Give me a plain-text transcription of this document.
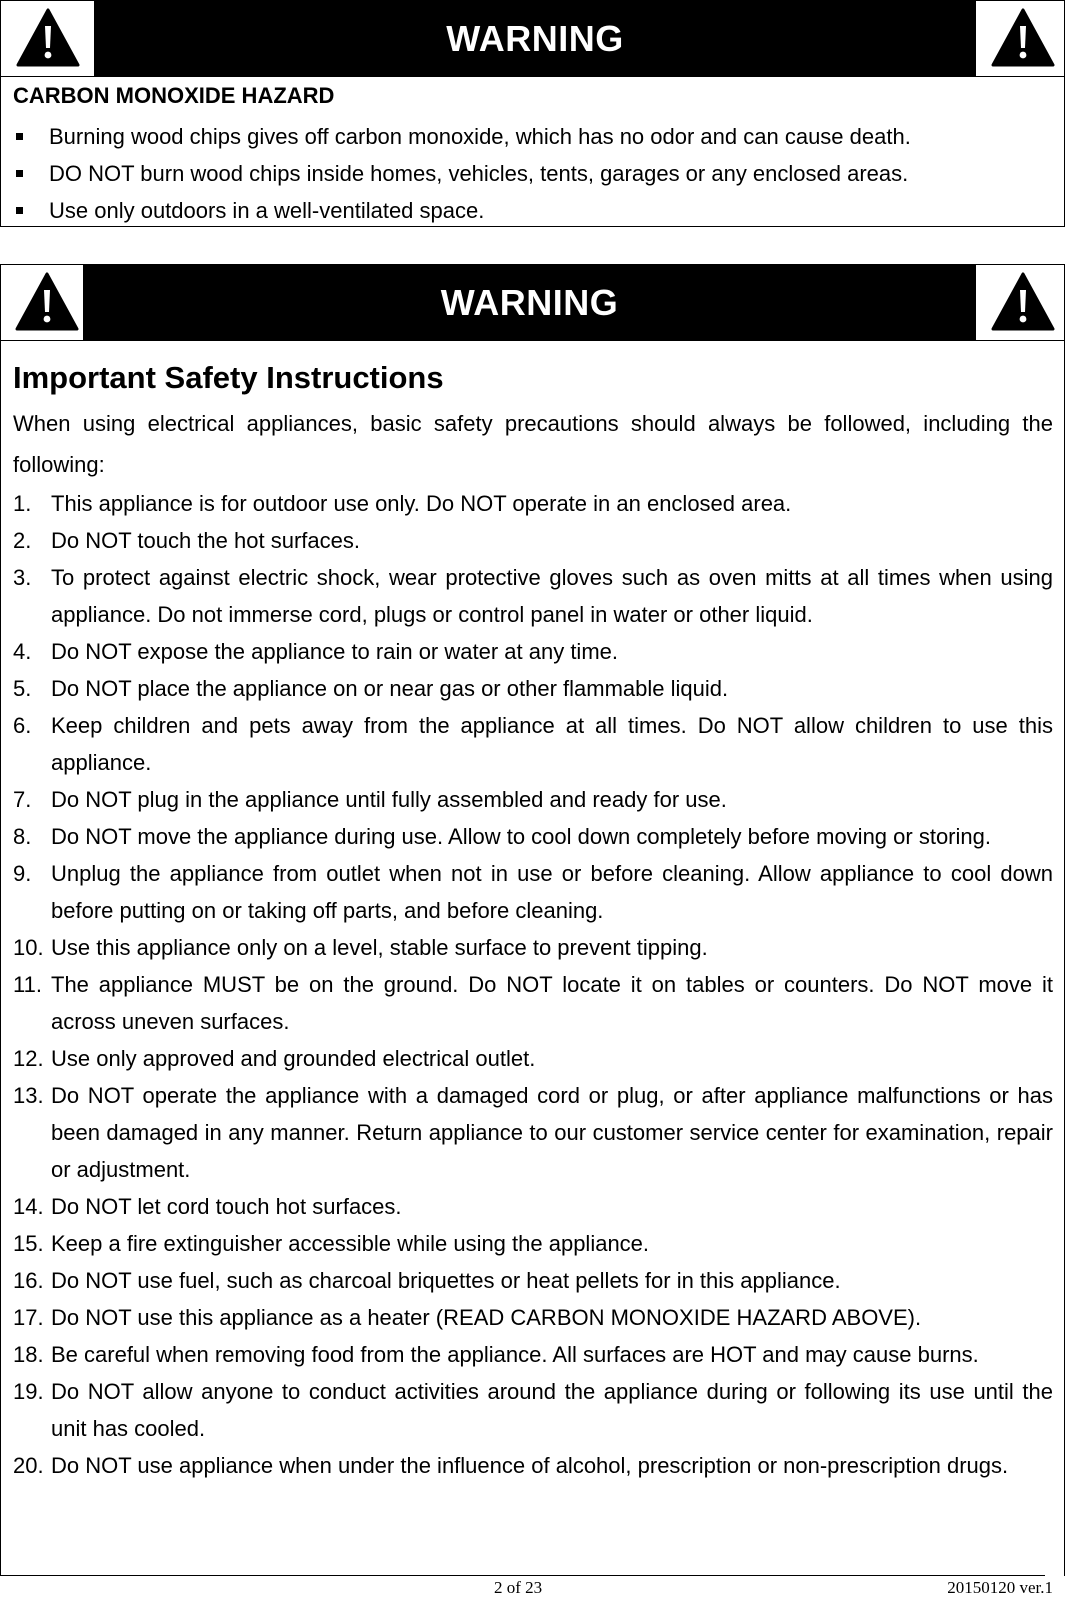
WARNING
CARBON MONOXIDE HAZARD
Burning wood chips gives off carbon monoxide, which has no odor and can cause death.
DO NOT burn wood chips inside homes, vehicles, tents, garages or any enclosed areas.
Use only outdoors in a well-ventilated space.
WARNING
Important Safety Instructions

When using electrical appliances, basic safety precautions should always be followed, including the following:

1. This appliance is for outdoor use only. Do NOT operate in an enclosed area.
2. Do NOT touch the hot surfaces.
3. To protect against electric shock, wear protective gloves such as oven mitts at all times when using appliance. Do not immerse cord, plugs or control panel in water or other liquid.
4. Do NOT expose the appliance to rain or water at any time.
5. Do NOT place the appliance on or near gas or other flammable liquid.
6. Keep children and pets away from the appliance at all times. Do NOT allow children to use this appliance.
7. Do NOT plug in the appliance until fully assembled and ready for use.
8. Do NOT move the appliance during use. Allow to cool down completely before moving or storing.
9. Unplug the appliance from outlet when not in use or before cleaning. Allow appliance to cool down before putting on or taking off parts, and before cleaning.
10. Use this appliance only on a level, stable surface to prevent tipping.
11. The appliance MUST be on the ground. Do NOT locate it on tables or counters. Do NOT move it across uneven surfaces.
12. Use only approved and grounded electrical outlet.
13. Do NOT operate the appliance with a damaged cord or plug, or after appliance malfunctions or has been damaged in any manner. Return appliance to our customer service center for examination, repair or adjustment.
14. Do NOT let cord touch hot surfaces.
15. Keep a fire extinguisher accessible while using the appliance.
16. Do NOT use fuel, such as charcoal briquettes or heat pellets for in this appliance.
17. Do NOT use this appliance as a heater (READ CARBON MONOXIDE HAZARD ABOVE).
18. Be careful when removing food from the appliance. All surfaces are HOT and may cause burns.
19. Do NOT allow anyone to conduct activities around the appliance during or following its use until the unit has cooled.
20. Do NOT use appliance when under the influence of alcohol, prescription or non-prescription drugs.
2 of 23	20150120 ver.1
